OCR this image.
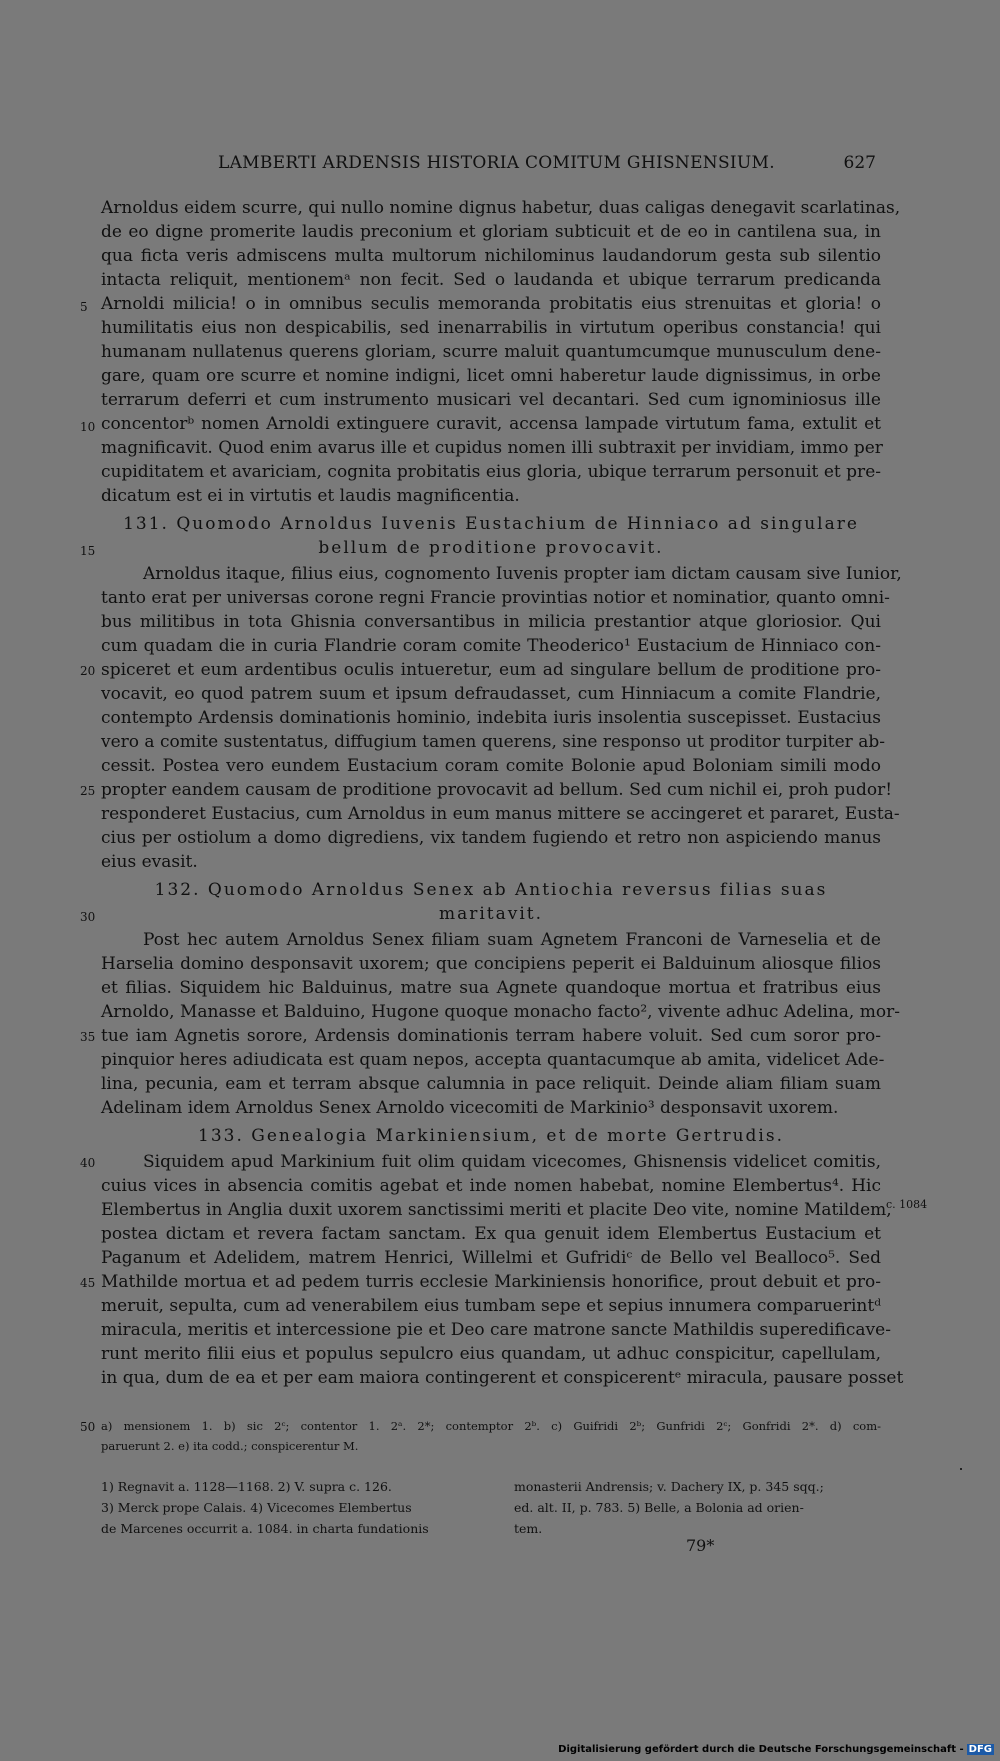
LAMBERTI ARDENSIS HISTORIA COMITUM GHISNENSIUM.	627
Arnoldus eidem scurre, qui nullo nomine dignus habetur, duas caligas denegavit scarlatinas,
de eo digne promerite laudis preconium et gloriam subticuit et de eo in cantilena sua, in
qua ficta veris admiscens multa multorum nichilominus laudandorum gesta sub silentio
intacta reliquit, mentionemᵃ non fecit. Sed o laudanda et ubique terrarum predicanda
Arnoldi milicia! o in omnibus seculis memoranda probitatis eius strenuitas et gloria! o
humilitatis eius non despicabilis, sed inenarrabilis in virtutum operibus constancia! qui
humanam nullatenus querens gloriam, scurre maluit quantumcumque munusculum dene-
gare, quam ore scurre et nomine indigni, licet omni haberetur laude dignissimus, in orbe
terrarum deferri et cum instrumento musicari vel decantari. Sed cum ignominiosus ille
concentorᵇ nomen Arnoldi extinguere curavit, accensa lampade virtutum fama, extulit et
magnificavit. Quod enim avarus ille et cupidus nomen illi subtraxit per invidiam, immo per
cupiditatem et avariciam, cognita probitatis eius gloria, ubique terrarum personuit et pre-
dicatum est ei in virtutis et laudis magnificentia.
131. Quomodo Arnoldus Iuvenis Eustachium de Hinniaco ad singulare
bellum de proditione provocavit.
Arnoldus itaque, filius eius, cognomento Iuvenis propter iam dictam causam sive Iunior,
tanto erat per universas corone regni Francie provintias notior et nominatior, quanto omni-
bus militibus in tota Ghisnia conversantibus in milicia prestantior atque gloriosior. Qui
cum quadam die in curia Flandrie coram comite Theoderico¹ Eustacium de Hinniaco con-
spiceret et eum ardentibus oculis intueretur, eum ad singulare bellum de proditione pro-
vocavit, eo quod patrem suum et ipsum defraudasset, cum Hinniacum a comite Flandrie,
contempto Ardensis dominationis hominio, indebita iuris insolentia suscepisset. Eustacius
vero a comite sustentatus, diffugium tamen querens, sine responso ut proditor turpiter ab-
cessit. Postea vero eundem Eustacium coram comite Bolonie apud Boloniam simili modo
propter eandem causam de proditione provocavit ad bellum. Sed cum nichil ei, proh pudor!
responderet Eustacius, cum Arnoldus in eum manus mittere se accingeret et pararet, Eusta-
cius per ostiolum a domo digrediens, vix tandem fugiendo et retro non aspiciendo manus
eius evasit.
132. Quomodo Arnoldus Senex ab Antiochia reversus filias suas
maritavit.
Post hec autem Arnoldus Senex filiam suam Agnetem Franconi de Varneselia et de
Harselia domino desponsavit uxorem; que concipiens peperit ei Balduinum aliosque filios
et filias. Siquidem hic Balduinus, matre sua Agnete quandoque mortua et fratribus eius
Arnoldo, Manasse et Balduino, Hugone quoque monacho facto², vivente adhuc Adelina, mor-
tue iam Agnetis sorore, Ardensis dominationis terram habere voluit. Sed cum soror pro-
pinquior heres adiudicata est quam nepos, accepta quantacumque ab amita, videlicet Ade-
lina, pecunia, eam et terram absque calumnia in pace reliquit. Deinde aliam filiam suam
Adelinam idem Arnoldus Senex Arnoldo vicecomiti de Markinio³ desponsavit uxorem.
133. Genealogia Markiniensium, et de morte Gertrudis.
Siquidem apud Markinium fuit olim quidam vicecomes, Ghisnensis videlicet comitis,
cuius vices in absencia comitis agebat et inde nomen habebat, nomine Elembertus⁴. Hic
Elembertus in Anglia duxit uxorem sanctissimi meriti et placite Deo vite, nomine Matildem,
postea dictam et revera factam sanctam. Ex qua genuit idem Elembertus Eustacium et
Paganum et Adelidem, matrem Henrici, Willelmi et Gufridiᶜ de Bello vel Bealloco⁵. Sed
Mathilde mortua et ad pedem turris ecclesie Markiniensis honorifice, prout debuit et pro-
meruit, sepulta, cum ad venerabilem eius tumbam sepe et sepius innumera comparuerintᵈ
miracula, meritis et intercessione pie et Deo care matrone sancte Mathildis superedificave-
runt merito filii eius et populus sepulcro eius quandam, ut adhuc conspicitur, capellulam,
in qua, dum de ea et per eam maiora contingerent et conspicerentᵉ miracula, pausare posset
5
10
15
20
25
30
35
40
45
50
c. 1084
a) mensionem 1. b) sic 2ᶜ; contentor 1. 2ᵃ. 2*; contemptor 2ᵇ. c) Guifridi 2ᵇ; Gunfridi 2ᶜ; Gonfridi 2*. d) com-
paruerunt 2. e) ita codd.; conspicerentur M.
1) Regnavit a. 1128—1168. 2) V. supra c. 126.
3) Merck prope Calais. 4) Vicecomes Elembertus
de Marcenes occurrit a. 1084. in charta fundationis
monasterii Andrensis; v. Dachery IX, p. 345 sqq.;
ed. alt. II, p. 783. 5) Belle, a Bolonia ad orien-
tem.
79*
Digitalisierung gefördert durch die Deutsche Forschungsgemeinschaft - DFG
